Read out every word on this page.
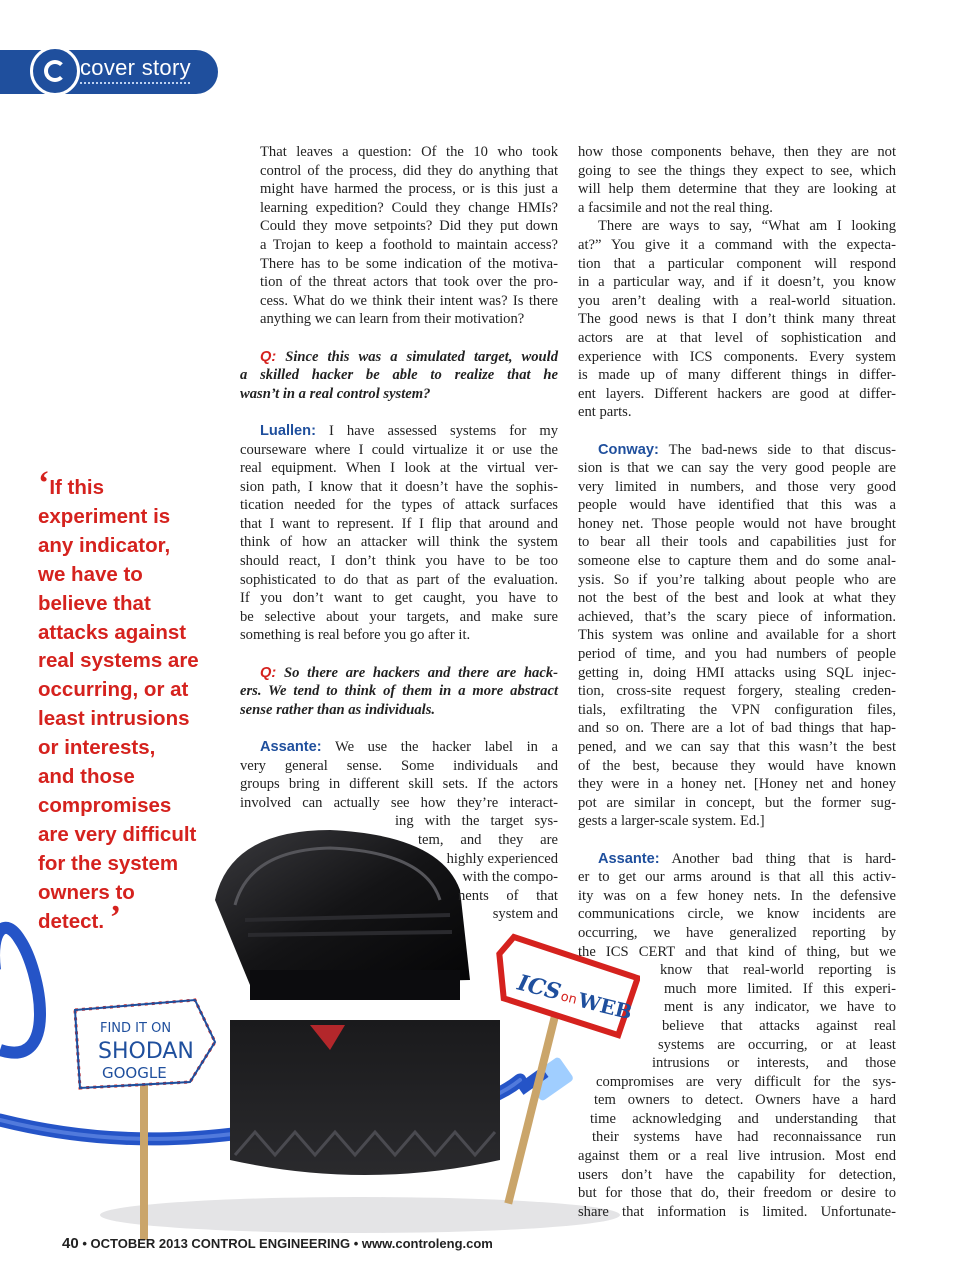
cover story
FIND IT ON
SHODAN
GOOGLE
ICS
on
WEB
‘If this
experiment is
any indicator,
we have to
believe that
attacks against
real systems are
occurring, or at
least intrusions
or interests,
and those
compromises
are very difficult
for the system
owners to
detect. ’

That leaves a question: Of the 10 who took
control of the process, did they do anything that
might have harmed the process, or is this just a
learning expedition? Could they change HMIs?
Could they move setpoints? Did they put down
a Trojan to keep a foothold to maintain access?
There has to be some indication of the motiva-
tion of the threat actors that took over the pro-
cess. What do we think their intent was? Is there
anything we can learn from their motivation?

Q: Since this was a simulated target, would
a skilled hacker be able to realize that he
wasn’t in a real control system?

Luallen: I have assessed systems for my
courseware where I could virtualize it or use the
real equipment. When I look at the virtual ver-
sion path, I know that it doesn’t have the sophis-
tication needed for the types of attack surfaces
that I want to represent. If I flip that around and
think of how an attacker will think the system
should react, I don’t think you have to be too
sophisticated to do that as part of the evaluation.
If you don’t want to get caught, you have to
be selective about your targets, and make sure
something is real before you go after it.

Q: So there are hackers and there are hack-
ers. We tend to think of them in a more abstract
sense rather than as individuals.

Assante: We use the hacker label in a
very general sense. Some individuals and
groups bring in different skill sets. If the actors
involved can actually see how they’re interact-
ing with the target sys-
tem, and they are
highly experienced
with the compo-
nents of that
system and

how those components behave, then they are not
going to see the things they expect to see, which
will help them determine that they are looking at
a facsimile and not the real thing.

There are ways to say, “What am I looking
at?” You give it a command with the expecta-
tion that a particular component will respond
in a particular way, and if it doesn’t, you know
you aren’t dealing with a real-world situation.
The good news is that I don’t think many threat
actors are at that level of sophistication and
experience with ICS components. Every system
is made up of many different things in differ-
ent layers. Different hackers are good at differ-
ent parts.

Conway: The bad-news side to that discus-
sion is that we can say the very good people are
very limited in numbers, and those very good
people would have identified that this was a
honey net. Those people would not have brought
to bear all their tools and capabilities just for
someone else to capture them and do some anal-
ysis. So if you’re talking about people who are
not the best of the best and look at what they
achieved, that’s the scary piece of information.
This system was online and available for a short
period of time, and you had numbers of people
getting in, doing HMI attacks using SQL injec-
tion, cross-site request forgery, stealing creden-
tials, exfiltrating the VPN configuration files,
and so on. There are a lot of bad things that hap-
pened, and we can say that this wasn’t the best
of the best, because they would have known
they were in a honey net. [Honey net and honey
pot are similar in concept, but the former sug-
gests a larger-scale system. Ed.]

Assante: Another bad thing that is hard-
er to get our arms around is that all this activ-
ity was on a few honey nets. In the defensive
communications circle, we know incidents are
occurring, we have generalized reporting by
the ICS CERT and that kind of thing, but we
know that real-world reporting is
much more limited. If this experi-
ment is any indicator, we have to
believe that attacks against real
systems are occurring, or at least
intrusions or interests, and those
compromises are very difficult for the sys-
tem owners to detect. Owners have a hard
time acknowledging and understanding that
their systems have had reconnaissance run
against them or a real live intrusion. Most end
users don’t have the capability for detection,
but for those that do, their freedom or desire to
share that information is limited. Unfortunate-

40 • OCTOBER 2013 CONTROL ENGINEERING • www.controleng.com
